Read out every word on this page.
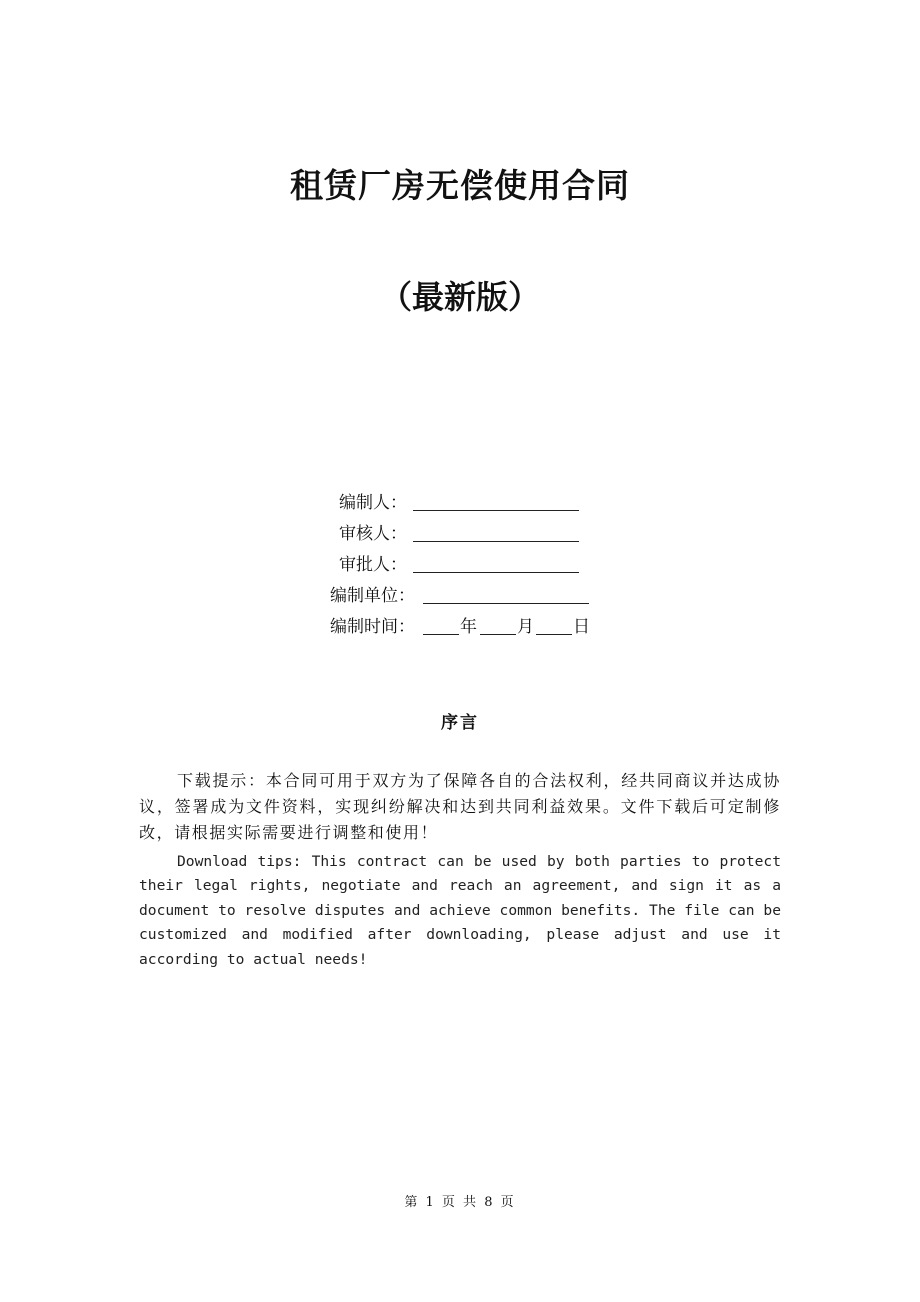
租赁厂房无偿使用合同
（最新版）
编制人：
审核人：
审批人：
编制单位：
编制时间：	年 月 日
序言
下载提示：本合同可用于双方为了保障各自的合法权利，经共同商议并达成协议，签署成为文件资料，实现纠纷解决和达到共同利益效果。文件下载后可定制修改，请根据实际需要进行调整和使用！
Download tips: This contract can be used by both parties to protect their legal rights, negotiate and reach an agreement, and sign it as a document to resolve disputes and achieve common benefits. The file can be customized and modified after downloading, please adjust and use it according to actual needs!
第 1 页 共 8 页
